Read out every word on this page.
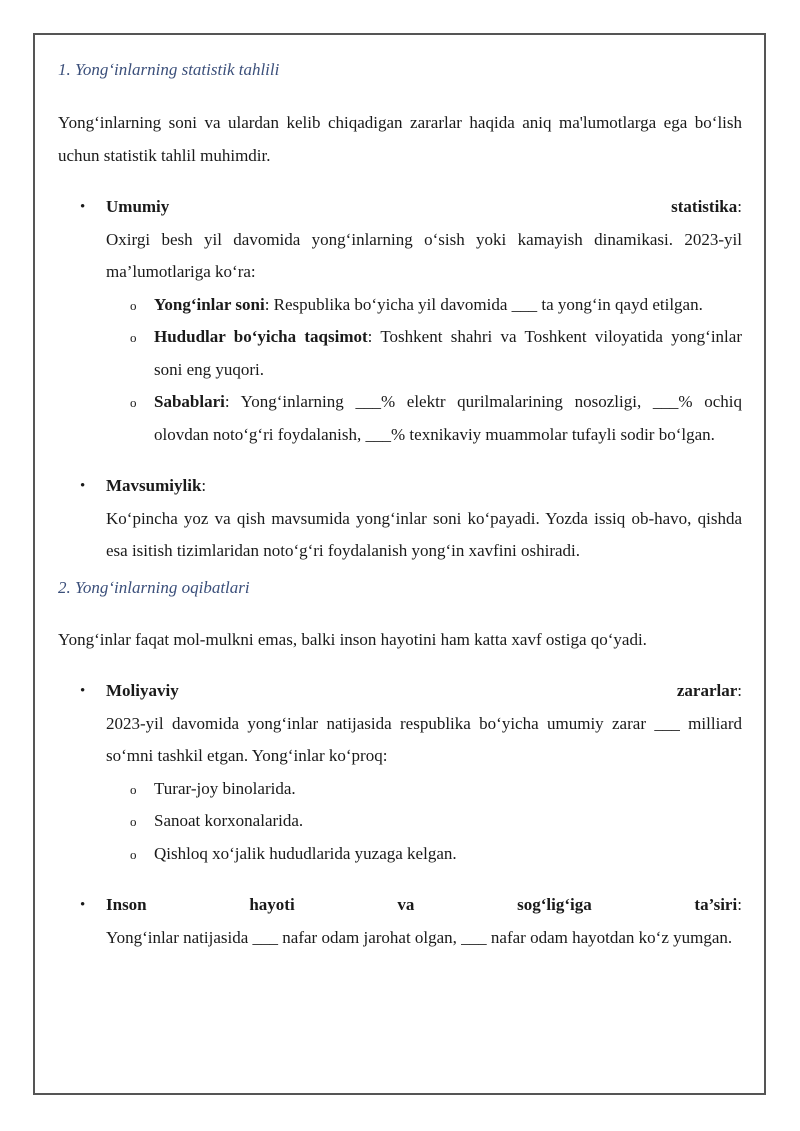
1. Yong‘inlarning statistik tahlili

Yong‘inlarning soni va ulardan kelib chiqadigan zararlar haqida aniq ma'lumotlarga ega bo‘lish uchun statistik tahlil muhimdir.

• Umumiy	statistika:
Oxirgi besh yil davomida yong‘inlarning o‘sish yoki kamayish dinamikasi. 2023-yil ma’lumotlariga ko‘ra:
o Yong‘inlar soni: Respublika bo‘yicha yil davomida ___ ta yong‘in qayd etilgan.
o Hududlar bo‘yicha taqsimot: Toshkent shahri va Toshkent viloyatida yong‘inlar soni eng yuqori.
o Sabablari: Yong‘inlarning ___% elektr qurilmalarining nosozligi, ___% ochiq olovdan noto‘g‘ri foydalanish, ___% texnikaviy muammolar tufayli sodir bo‘lgan.
• Mavsumiylik:
Ko‘pincha yoz va qish mavsumida yong‘inlar soni ko‘payadi. Yozda issiq ob-havo, qishda esa isitish tizimlaridan noto‘g‘ri foydalanish yong‘in xavfini oshiradi.

2. Yong‘inlarning oqibatlari

Yong‘inlar faqat mol-mulkni emas, balki inson hayotini ham katta xavf ostiga qo‘yadi.

• Moliyaviy	zararlar:
2023-yil davomida yong‘inlar natijasida respublika bo‘yicha umumiy zarar ___ milliard so‘mni tashkil etgan. Yong‘inlar ko‘proq:
o Turar-joy binolarida.
o Sanoat korxonalarida.
o Qishloq xo‘jalik hududlarida yuzaga kelgan.
• Inson	hayoti	va	sog‘lig‘iga	ta’siri:
Yong‘inlar natijasida ___ nafar odam jarohat olgan, ___ nafar odam hayotdan ko‘z yumgan.
